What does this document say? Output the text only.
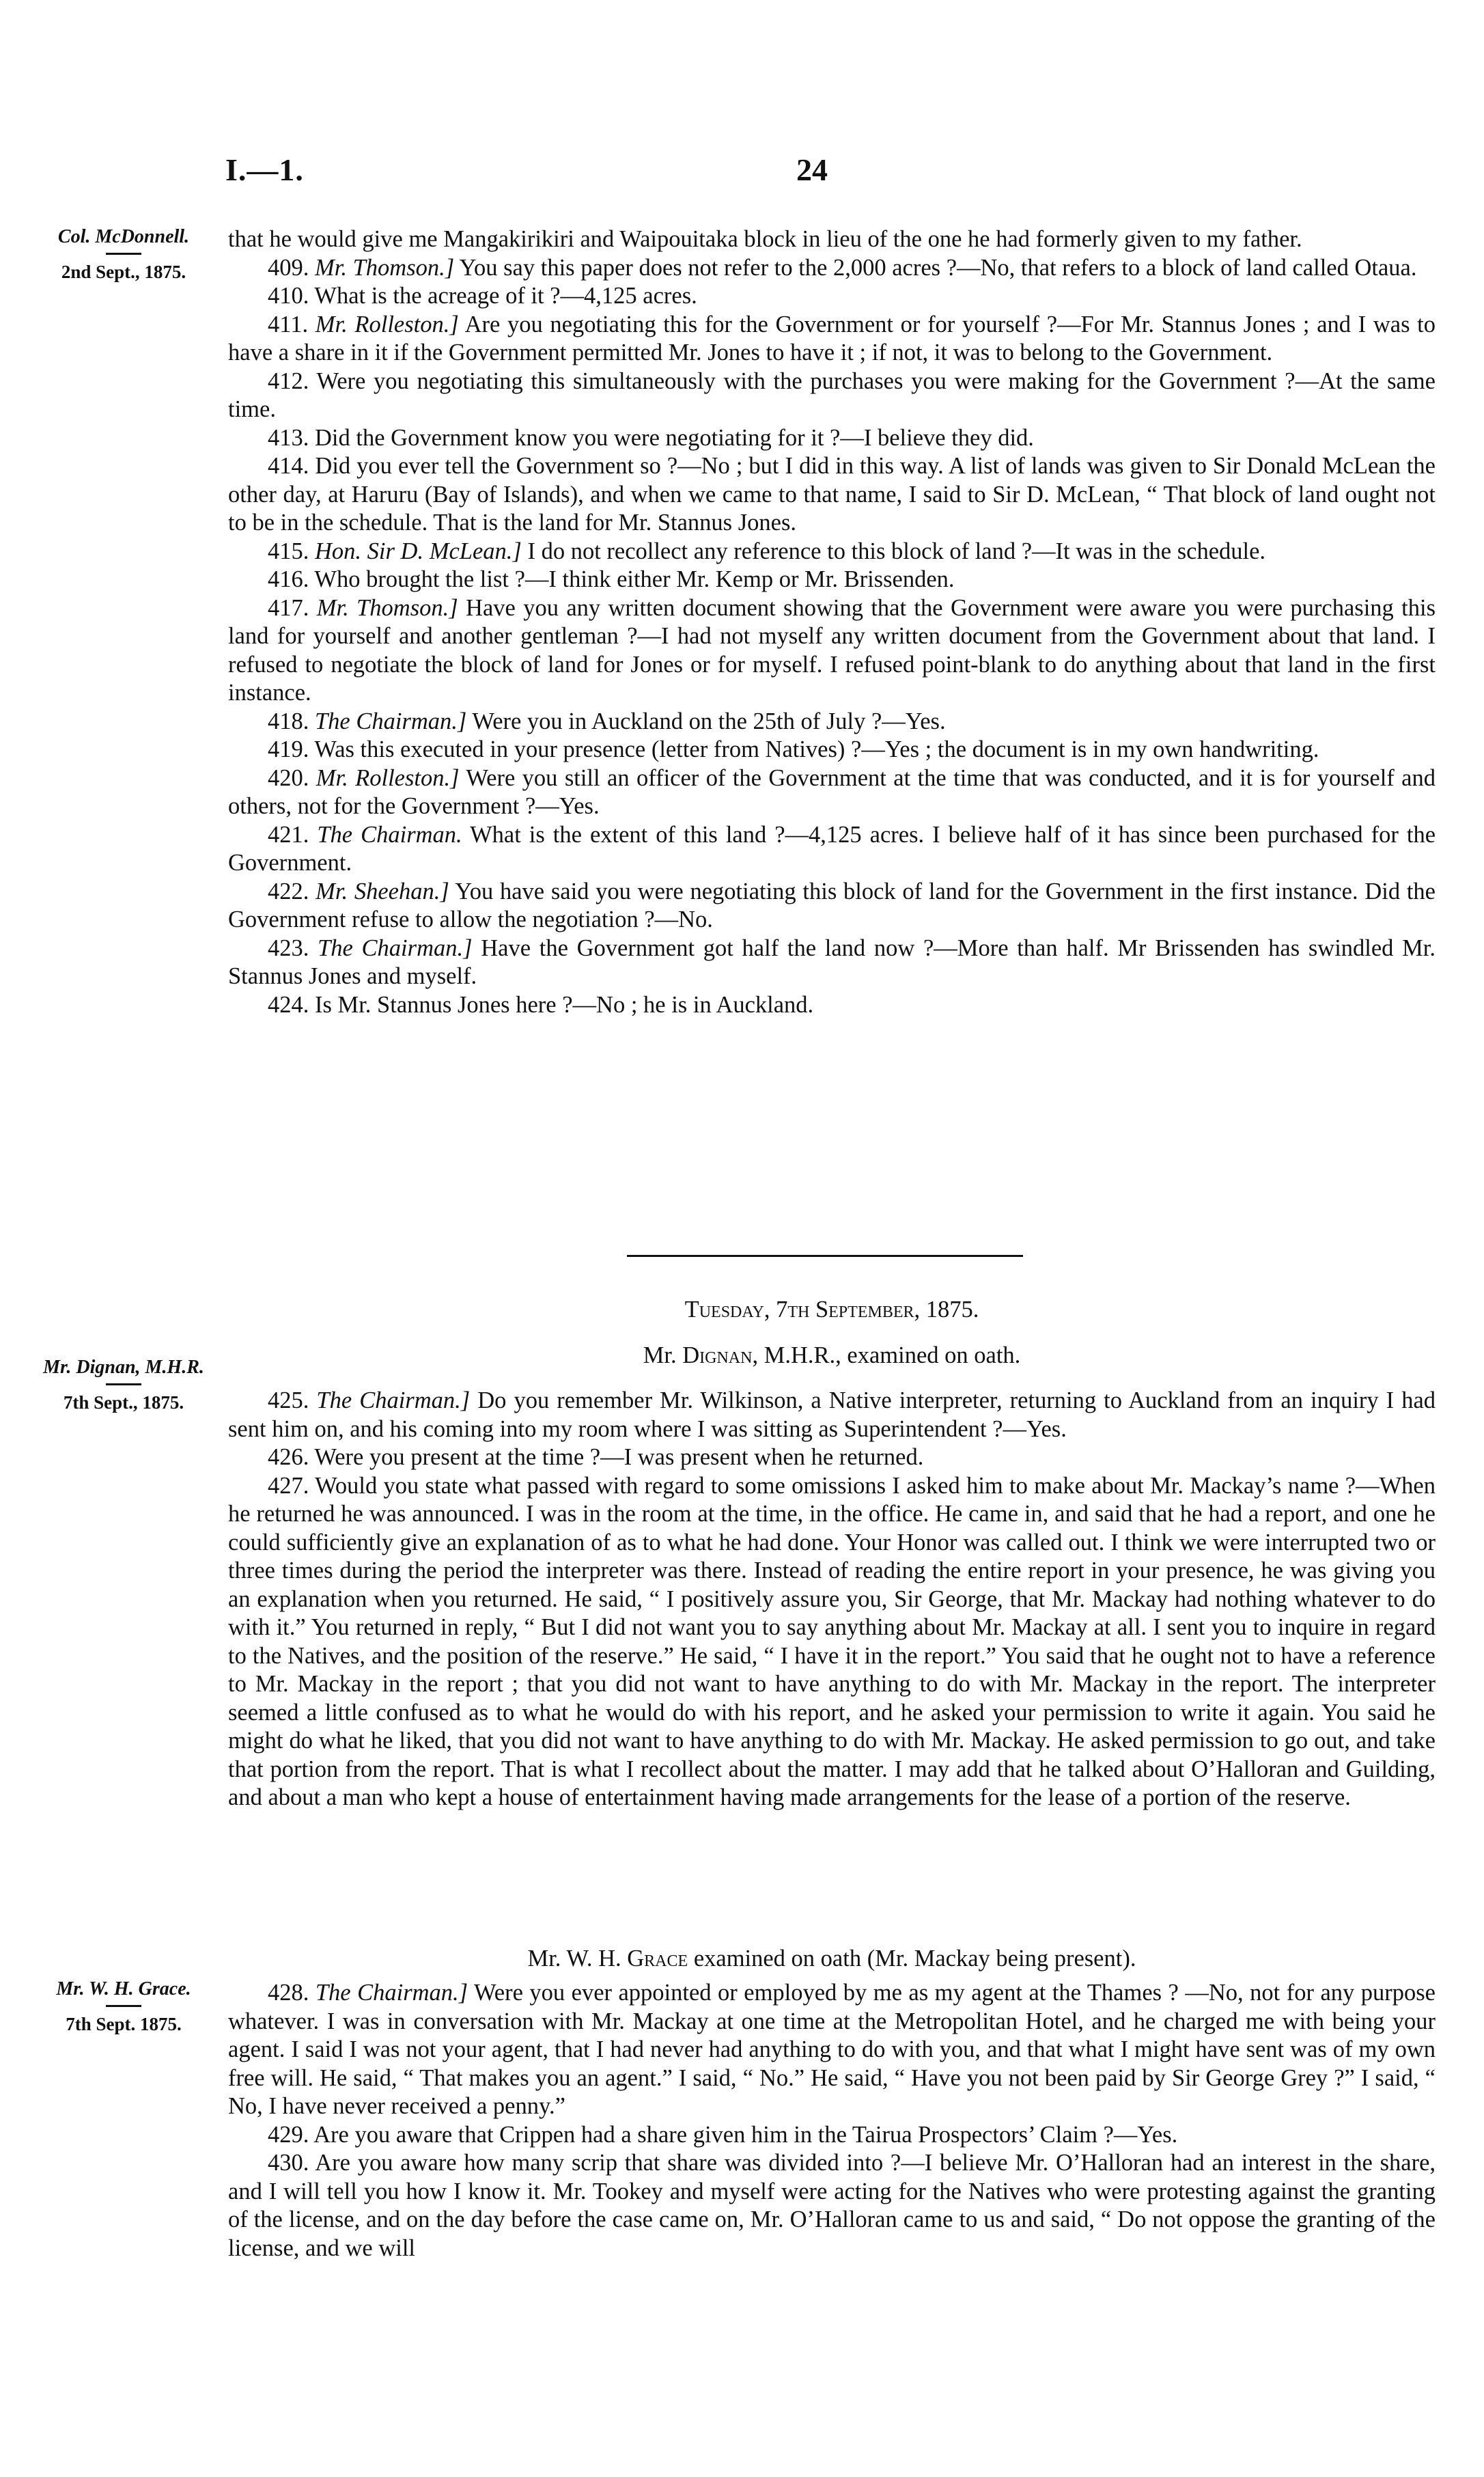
I.—1.	24
Col. McDonnell.
2nd Sept., 1875.
Mr. Dignan, M.H.R.
7th Sept., 1875.
Mr. W. H. Grace.
7th Sept. 1875.

that he would give me Mangakirikiri and Waipouitaka block in lieu of the one he had formerly given to my father.

409. Mr. Thomson.] You say this paper does not refer to the 2,000 acres ?—No, that refers to a block of land called Otaua.

410. What is the acreage of it ?—4,125 acres.

411. Mr. Rolleston.] Are you negotiating this for the Government or for yourself ?—For Mr. Stannus Jones ; and I was to have a share in it if the Government permitted Mr. Jones to have it ; if not, it was to belong to the Government.

412. Were you negotiating this simultaneously with the purchases you were making for the Government ?—At the same time.

413. Did the Government know you were negotiating for it ?—I believe they did.

414. Did you ever tell the Government so ?—No ; but I did in this way. A list of lands was given to Sir Donald McLean the other day, at Haruru (Bay of Islands), and when we came to that name, I said to Sir D. McLean, “ That block of land ought not to be in the schedule. That is the land for Mr. Stannus Jones.

415. Hon. Sir D. McLean.] I do not recollect any reference to this block of land ?—It was in the schedule.

416. Who brought the list ?—I think either Mr. Kemp or Mr. Brissenden.

417. Mr. Thomson.] Have you any written document showing that the Government were aware you were purchasing this land for yourself and another gentleman ?—I had not myself any written document from the Government about that land. I refused to negotiate the block of land for Jones or for myself. I refused point-blank to do anything about that land in the first instance.

418. The Chairman.] Were you in Auckland on the 25th of July ?—Yes.

419. Was this executed in your presence (letter from Natives) ?—Yes ; the document is in my own handwriting.

420. Mr. Rolleston.] Were you still an officer of the Government at the time that was conducted, and it is for yourself and others, not for the Government ?—Yes.

421. The Chairman. What is the extent of this land ?—4,125 acres. I believe half of it has since been purchased for the Government.

422. Mr. Sheehan.] You have said you were negotiating this block of land for the Government in the first instance. Did the Government refuse to allow the negotiation ?—No.

423. The Chairman.] Have the Government got half the land now ?—More than half. Mr Brissenden has swindled Mr. Stannus Jones and myself.

424. Is Mr. Stannus Jones here ?—No ; he is in Auckland.

Tuesday, 7th September, 1875.
Mr. Dignan, M.H.R., examined on oath.

425. The Chairman.] Do you remember Mr. Wilkinson, a Native interpreter, returning to Auckland from an inquiry I had sent him on, and his coming into my room where I was sitting as Superintendent ?—Yes.

426. Were you present at the time ?—I was present when he returned.

427. Would you state what passed with regard to some omissions I asked him to make about Mr. Mackay’s name ?—When he returned he was announced. I was in the room at the time, in the office. He came in, and said that he had a report, and one he could sufficiently give an explanation of as to what he had done. Your Honor was called out. I think we were interrupted two or three times during the period the interpreter was there. Instead of reading the entire report in your presence, he was giving you an explanation when you returned. He said, “ I positively assure you, Sir George, that Mr. Mackay had nothing whatever to do with it.” You returned in reply, “ But I did not want you to say anything about Mr. Mackay at all. I sent you to inquire in regard to the Natives, and the position of the reserve.” He said, “ I have it in the report.” You said that he ought not to have a reference to Mr. Mackay in the report ; that you did not want to have anything to do with Mr. Mackay in the report. The interpreter seemed a little confused as to what he would do with his report, and he asked your permission to write it again. You said he might do what he liked, that you did not want to have anything to do with Mr. Mackay. He asked permission to go out, and take that portion from the report. That is what I recollect about the matter. I may add that he talked about O’Halloran and Guilding, and about a man who kept a house of entertainment having made arrangements for the lease of a portion of the reserve.

Mr. W. H. Grace examined on oath (Mr. Mackay being present).

428. The Chairman.] Were you ever appointed or employed by me as my agent at the Thames ? —No, not for any purpose whatever. I was in conversation with Mr. Mackay at one time at the Metropolitan Hotel, and he charged me with being your agent. I said I was not your agent, that I had never had anything to do with you, and that what I might have sent was of my own free will. He said, “ That makes you an agent.” I said, “ No.” He said, “ Have you not been paid by Sir George Grey ?” I said, “ No, I have never received a penny.”

429. Are you aware that Crippen had a share given him in the Tairua Prospectors’ Claim ?—Yes.

430. Are you aware how many scrip that share was divided into ?—I believe Mr. O’Halloran had an interest in the share, and I will tell you how I know it. Mr. Tookey and myself were acting for the Natives who were protesting against the granting of the license, and on the day before the case came on, Mr. O’Halloran came to us and said, “ Do not oppose the granting of the license, and we will
